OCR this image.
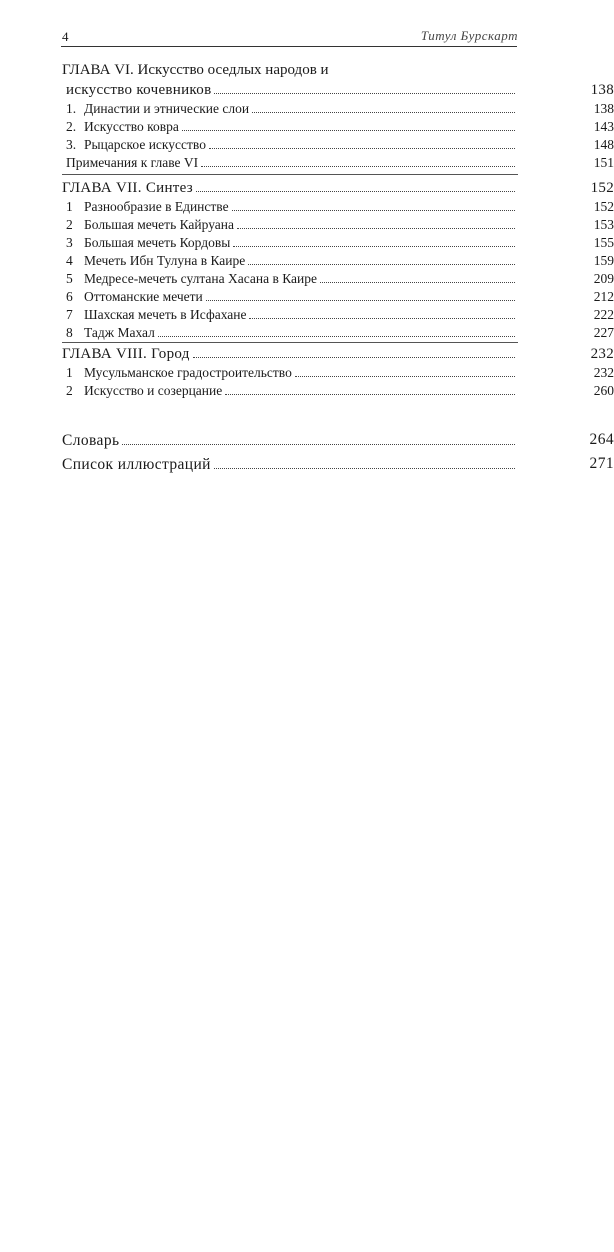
4	Титул Бурскарт
ГЛАВА VI. Искусство оседлых народов и
искусство кочевников	138
1. Династии и этнические слои	138
2. Искусство ковра	143
3. Рыцарское искусство	148
Примечания к главе VI	151
ГЛАВА VII. Синтез	152
1 Разнообразие в Единстве	152
2 Большая мечеть Кайруана	153
3 Большая мечеть Кордовы	155
4 Мечеть Ибн Тулуна в Каире	159
5 Медресе-мечеть султана Хасана в Каире	209
6 Оттоманские мечети	212
7 Шахская мечеть в Исфахане	222
8 Тадж Махал	227
ГЛАВА VIII. Город	232
1 Мусульманское градостроительство	232
2 Искусство и созерцание	260
Словарь	264
Список иллюстраций	271
